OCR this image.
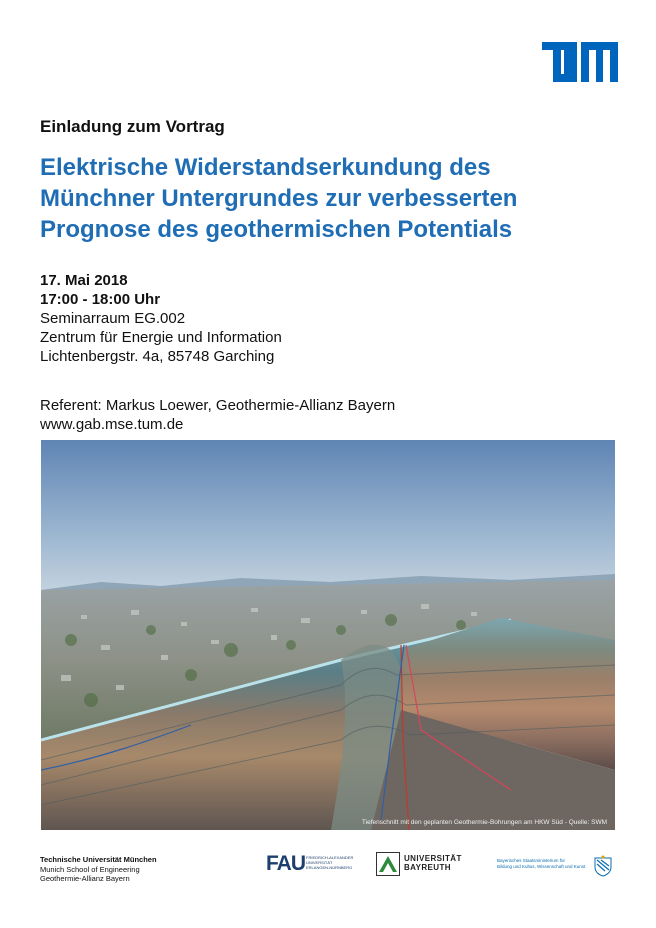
Einladung zum Vortrag
Elektrische Widerstandserkundung des
Münchner Untergrundes zur verbesserten
Prognose des geothermischen Potentials
17. Mai 2018
17:00 - 18:00 Uhr
Seminarraum EG.002
Zentrum für Energie und Information
Lichtenbergstr. 4a, 85748 Garching
Referent: Markus Loewer, Geothermie-Allianz Bayern
www.gab.mse.tum.de
Tiefenschnitt mit den geplanten Geothermie-Bohrungen am HKW Süd - Quelle: SWM
Technische Universität München
Munich School of Engineering
Geothermie-Allianz Bayern
FAU FRIEDRICH-ALEXANDER UNIVERSITÄT ERLANGEN-NÜRNBERG
UNIVERSITÄT
BAYREUTH
Bayerisches Staatsministerium für
Bildung und Kultus, Wissenschaft und Kunst
